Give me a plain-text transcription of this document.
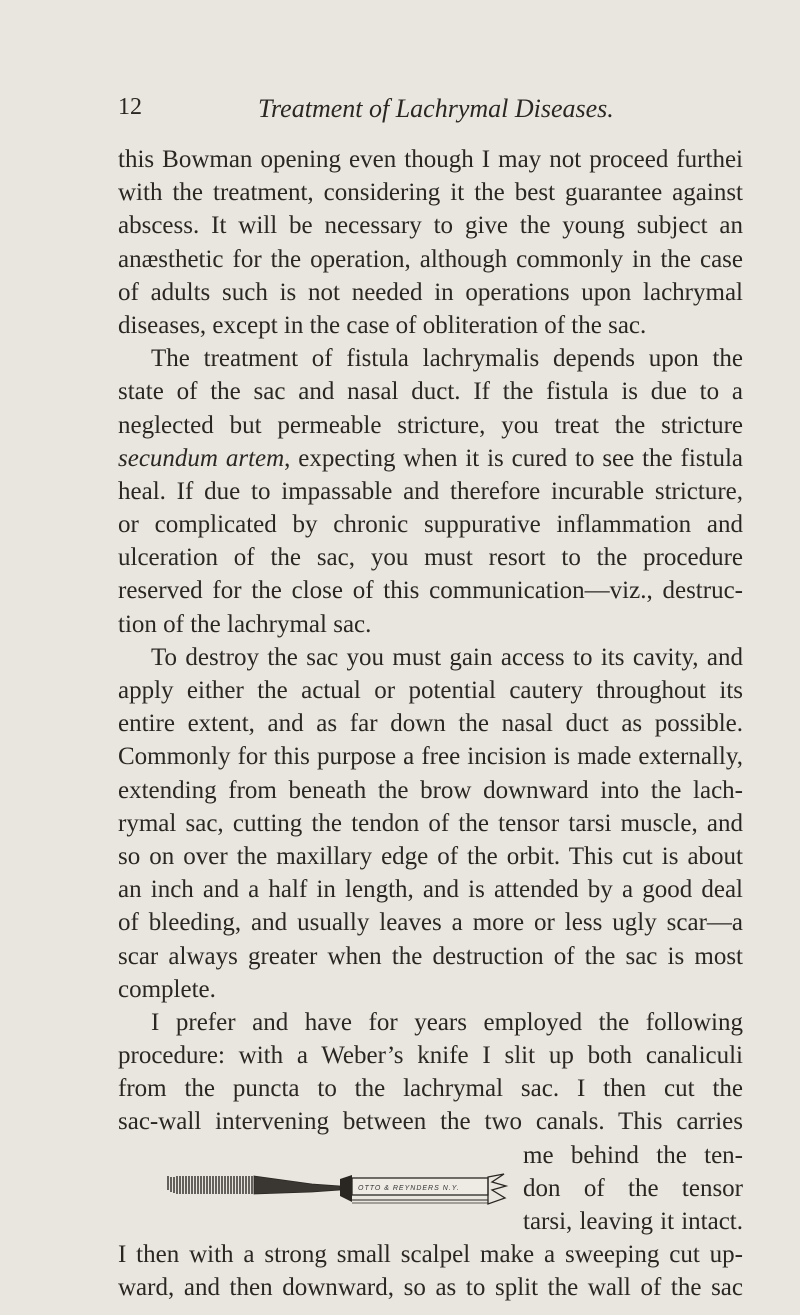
12	Treatment of Lachrymal Diseases.
this Bowman opening even though I may not proceed furthei
with the treatment, considering it the best guarantee against
abscess. It will be necessary to give the young subject an
anæsthetic for the operation, although commonly in the case
of adults such is not needed in operations upon lachrymal
diseases, except in the case of obliteration of the sac.
The treatment of fistula lachrymalis depends upon the
state of the sac and nasal duct. If the fistula is due to a
neglected but permeable stricture, you treat the stricture
secundum artem, expecting when it is cured to see the fistula
heal. If due to impassable and therefore incurable stricture,
or complicated by chronic suppurative inflammation and
ulceration of the sac, you must resort to the procedure
reserved for the close of this communication—viz., destruc-
tion of the lachrymal sac.
To destroy the sac you must gain access to its cavity, and
apply either the actual or potential cautery throughout its
entire extent, and as far down the nasal duct as possible.
Commonly for this purpose a free incision is made externally,
extending from beneath the brow downward into the lach-
rymal sac, cutting the tendon of the tensor tarsi muscle, and
so on over the maxillary edge of the orbit. This cut is about
an inch and a half in length, and is attended by a good deal
of bleeding, and usually leaves a more or less ugly scar—a
scar always greater when the destruction of the sac is most
complete.
I prefer and have for years employed the following
procedure: with a Weber’s knife I slit up both canaliculi
from the puncta to the lachrymal sac. I then cut the
sac-wall intervening between the two canals. This carries
me behind the ten-
don of the tensor
tarsi, leaving it intact.
I then with a strong small scalpel make a sweeping cut up-
ward, and then downward, so as to split the wall of the sac
OTTO & REYNDERS N.Y.
